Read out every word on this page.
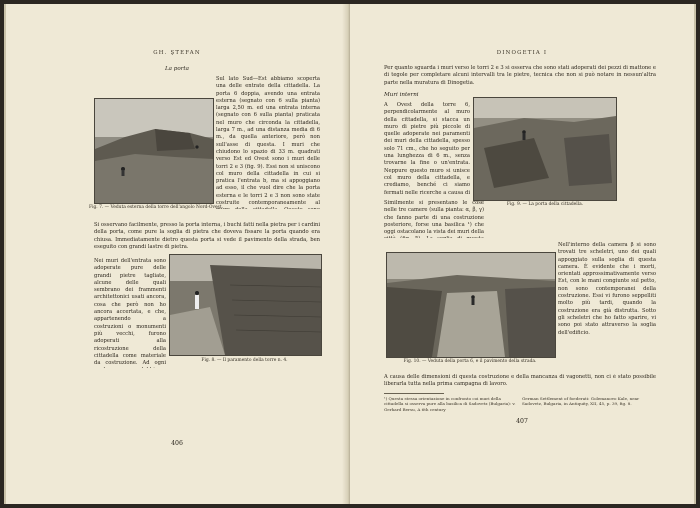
GH. ŞTEFAN
La porta
Fig. 7. — Veduta esterna della torre dell'angolo Nord-Ovest.
Sul lato Sud—Est abbiamo scoperta una delle entrate della cittadella. La porta 6 doppia, avendo una entrata esterna (segnato con 6 sulla pianta) larga 2,50 m. ed una entrata interna (segnato con 6 sulla pianta) praticata nel muro che circonda la cittadella, larga 7 m., ad una distanza media di 6 m., da quella anteriore, però non sull'asse di questa. I muri che chiudono lo spazio di 33 m. quadrati verso Est ed Ovest sono i muri delle torri 2 e 3 (fig. 9). Essi non si uniscono col muro della cittadella in cui si pratica l'entrata b, ma si appoggiano ad esso, il che vuol dire che la porta esterna e le torri 2 e 3 non sono state costruite contemporaneamente al
Si osservano facilmente, presso la porta interna, i buchi fatti nella pietra per i cardini della porta, come pure la soglia di pietra che doveva fissare la porta quando era chiusa. Immediatamente dietro questa porta si vede il pavimento della strada, ben eseguito con grandi lastre di pietra.
Fig. 8. — Il paramento della torre n. 4.
Nei muri dell'entrata sono adoperate pure delle grandi pietre tagliate, alcune delle quali sembrano dei frammenti architettonici usati ancora, cosa che però non ho ancora accertata, e che, appartenendo a costruzioni o monumenti più vecchi, furono adoperati alla ricostruzione della cittadella come materiale da costruzione. Ad ogni
406
DINOGETIA I
Per quanto sguarda i muri verso le torri 2 e 3 si osserva che sono stati adoperati dei pezzi di mattone e di tegole per completare alcuni intervalli tra le pietre, tecnica che non si può notare in nessun'altra parte nella muratura di Dinogetia.
Muri interni
A Ovest della torre 6, perpendicolarmente al muro della cittadella, si stacca un muro di pietre più piccole di quelle adoperate nei paramenti dei muri della cittadella, spesso solo 71 cm., che ho seguito per una lunghezza di 6 m., senza trovarne la fine o un'entrata. Neppure questo muro si unisce col muro della cittadella, e crediamo, benché ci siamo fermati nelle ricerche a causa di
Fig. 9. — La porta della cittadella.
Similmente si presentano le cose nelle tre camere (sulla pianta: α, β, γ) che fanno parte di una costruzione posteriore, forse una basilica ¹) che oggi ostacolano la vista dei muri della
Fig. 10. — Veduta della porta 6, e il pavimento della strada.
Nell'interno della camera β si sono trovati tre scheletri, uno dei quali appoggiato sulla soglia di questa camera. È evidente che i morti, orientati approssimativamente verso Est, con le mani congiunte sul petto, non sono contemporanei della costruzione. Essi vi furono seppelliti molto più tardi, quando la costruzione era già distrutta. Sotto gli scheletri che ho fatto sparire, vi sono poi stato attraverso la soglia dell'edificio.
A causa delle dimensioni di questa costruzione e della mancanza di vagonetti, non ci è stato possibile liberarla tutta nella prima campagna di lavoro.
¹) Questa stessa orientazione in confronto coi muri della cittadella si osserva pure alla basilica di Sadovetz (Bulgaria): v. Gerhard Bersu, A 6th century
German Settlement of foederati: Golemanovo Kale, near Sadovetz, Bulgaria, in Antiquity, XII, 45, p. 39, fig. 8.
407
